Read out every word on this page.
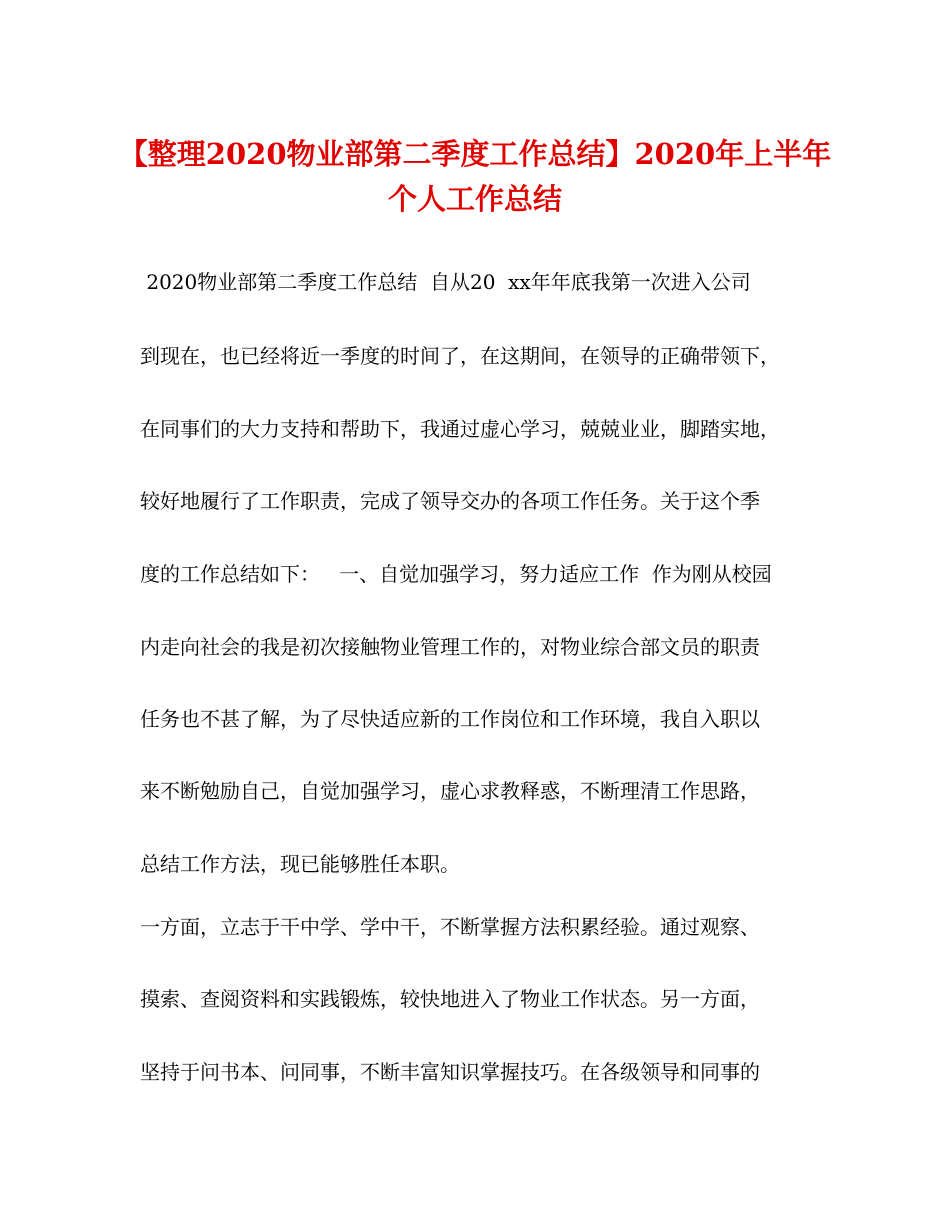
【整理2020物业部第二季度工作总结】2020年上半年
个人工作总结
2020物业部第二季度工作总结  自从20  xx年年底我第一次进入公司
到现在，也已经将近一季度的时间了，在这期间，在领导的正确带领下，
在同事们的大力支持和帮助下，我通过虚心学习，兢兢业业，脚踏实地，
较好地履行了工作职责，完成了领导交办的各项工作任务。关于这个季
度的工作总结如下：   一、自觉加强学习，努力适应工作  作为刚从校园
内走向社会的我是初次接触物业管理工作的，对物业综合部文员的职责
任务也不甚了解，为了尽快适应新的工作岗位和工作环境，我自入职以
来不断勉励自己，自觉加强学习，虚心求教释惑，不断理清工作思路，
总结工作方法，现已能够胜任本职。
一方面，立志于干中学、学中干，不断掌握方法积累经验。通过观察、
摸索、查阅资料和实践锻炼，较快地进入了物业工作状态。另一方面，
坚持于问书本、问同事，不断丰富知识掌握技巧。在各级领导和同事的
